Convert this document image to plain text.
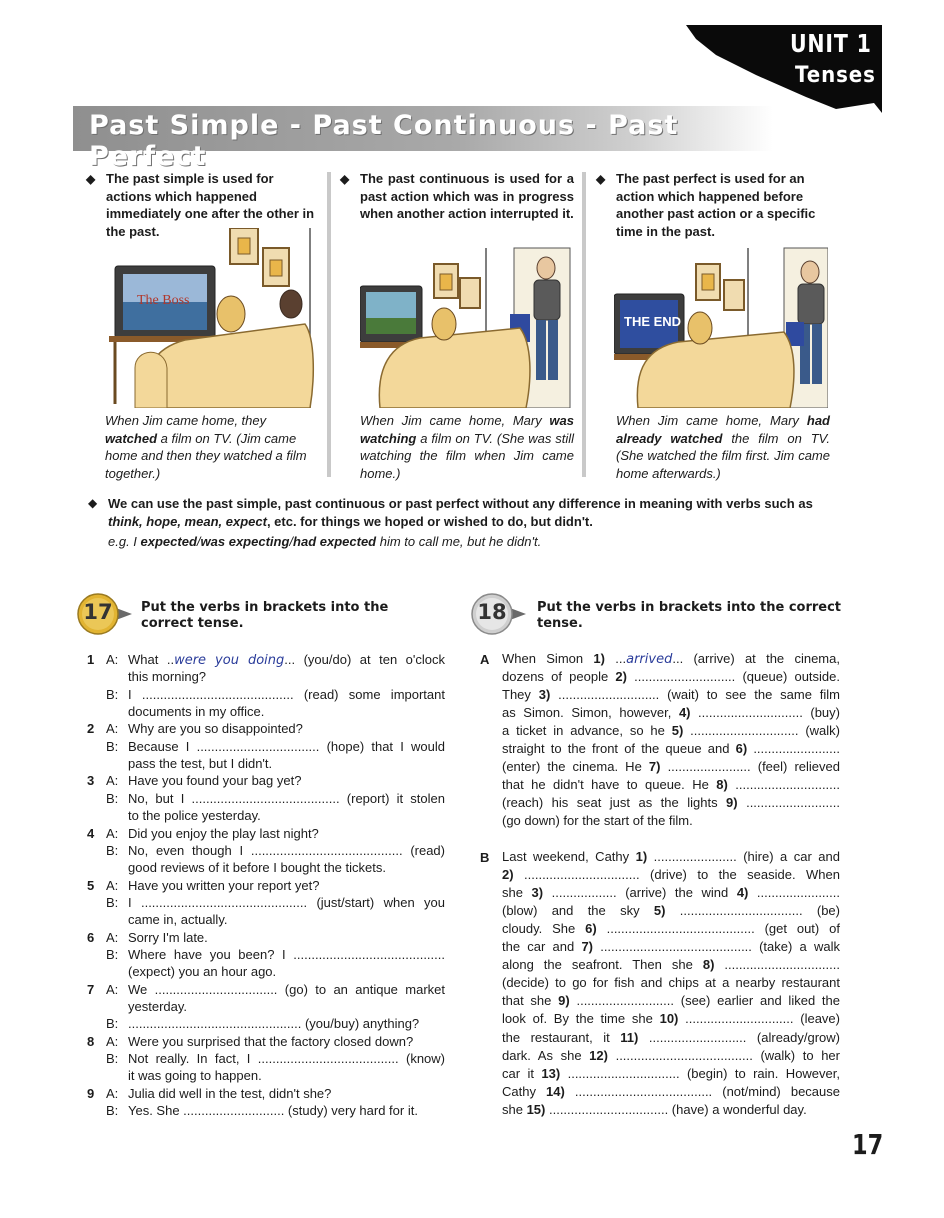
UNIT 1
Tenses
Past Simple - Past Continuous - Past Perfect
◆ The past simple is used for actions which happened immediately one after the other in the past.
◆ The past continuous is used for a past action which was in progress when another action interrupted it.
◆ The past perfect is used for an action which happened before another past action or a specific time in the past.
The Boss
THE END
When Jim came home, they watched a film on TV. (Jim came home and then they watched a film together.)
When Jim came home, Mary was watching a film on TV. (She was still watching the film when Jim came home.)
When Jim came home, Mary had already watched the film on TV. (She watched the film first. Jim came home afterwards.)
◆ We can use the past simple, past continuous or past perfect without any difference in meaning with verbs such as think, hope, mean, expect, etc. for things we hoped or wished to do, but didn't.
e.g. I expected/was expecting/had expected him to call me, but he didn't.
17 Put the verbs in brackets into the correct tense.	18 Put the verbs in brackets into the correct tense.
1 A: What ..were you doing... (you/do) at ten o'clock
this morning?
B: I .......................................... (read) some important
documents in my office.
2 A: Why are you so disappointed?
B: Because I .................................. (hope) that I would
pass the test, but I didn't.
3 A: Have you found your bag yet?
B: No, but I ......................................... (report) it stolen
to the police yesterday.
4 A: Did you enjoy the play last night?
B: No, even though I .......................................... (read)
good reviews of it before I bought the tickets.
5 A: Have you written your report yet?
B: I .............................................. (just/start) when you
came in, actually.
6 A: Sorry I'm late.
B: Where have you been? I ..........................................
(expect) you an hour ago.
7 A: We .................................. (go) to an antique market
yesterday.
B: ................................................ (you/buy) anything?
8 A: Were you surprised that the factory closed down?
B: Not really. In fact, I ....................................... (know)
it was going to happen.
9 A: Julia did well in the test, didn't she?
B: Yes. She ............................ (study) very hard for it.
A
B
When Simon 1) ...arrived... (arrive) at the cinema,
dozens of people 2) ............................ (queue) outside.
They 3) ............................ (wait) to see the same film
as Simon. Simon, however, 4) ............................. (buy)
a ticket in advance, so he 5) .............................. (walk)
straight to the front of the queue and 6) ........................
(enter) the cinema. He 7) ....................... (feel) relieved
that he didn't have to queue. He 8) .............................
(reach) his seat just as the lights 9) ..........................
(go down) for the start of the film.
Last weekend, Cathy 1) ....................... (hire) a car and
2) ................................ (drive) to the seaside. When
she 3) .................. (arrive) the wind 4) .......................
(blow) and the sky 5) .................................. (be)
cloudy. She 6) ......................................... (get out) of
the car and 7) .......................................... (take) a walk
along the seafront. Then she 8) ................................
(decide) to go for fish and chips at a nearby restaurant
that she 9) ........................... (see) earlier and liked the
look of. By the time she 10) .............................. (leave)
the restaurant, it 11) ........................... (already/grow)
dark. As she 12) ...................................... (walk) to her
car it 13) ............................... (begin) to rain. However,
Cathy 14) ...................................... (not/mind) because
she 15) ................................. (have) a wonderful day.
17
